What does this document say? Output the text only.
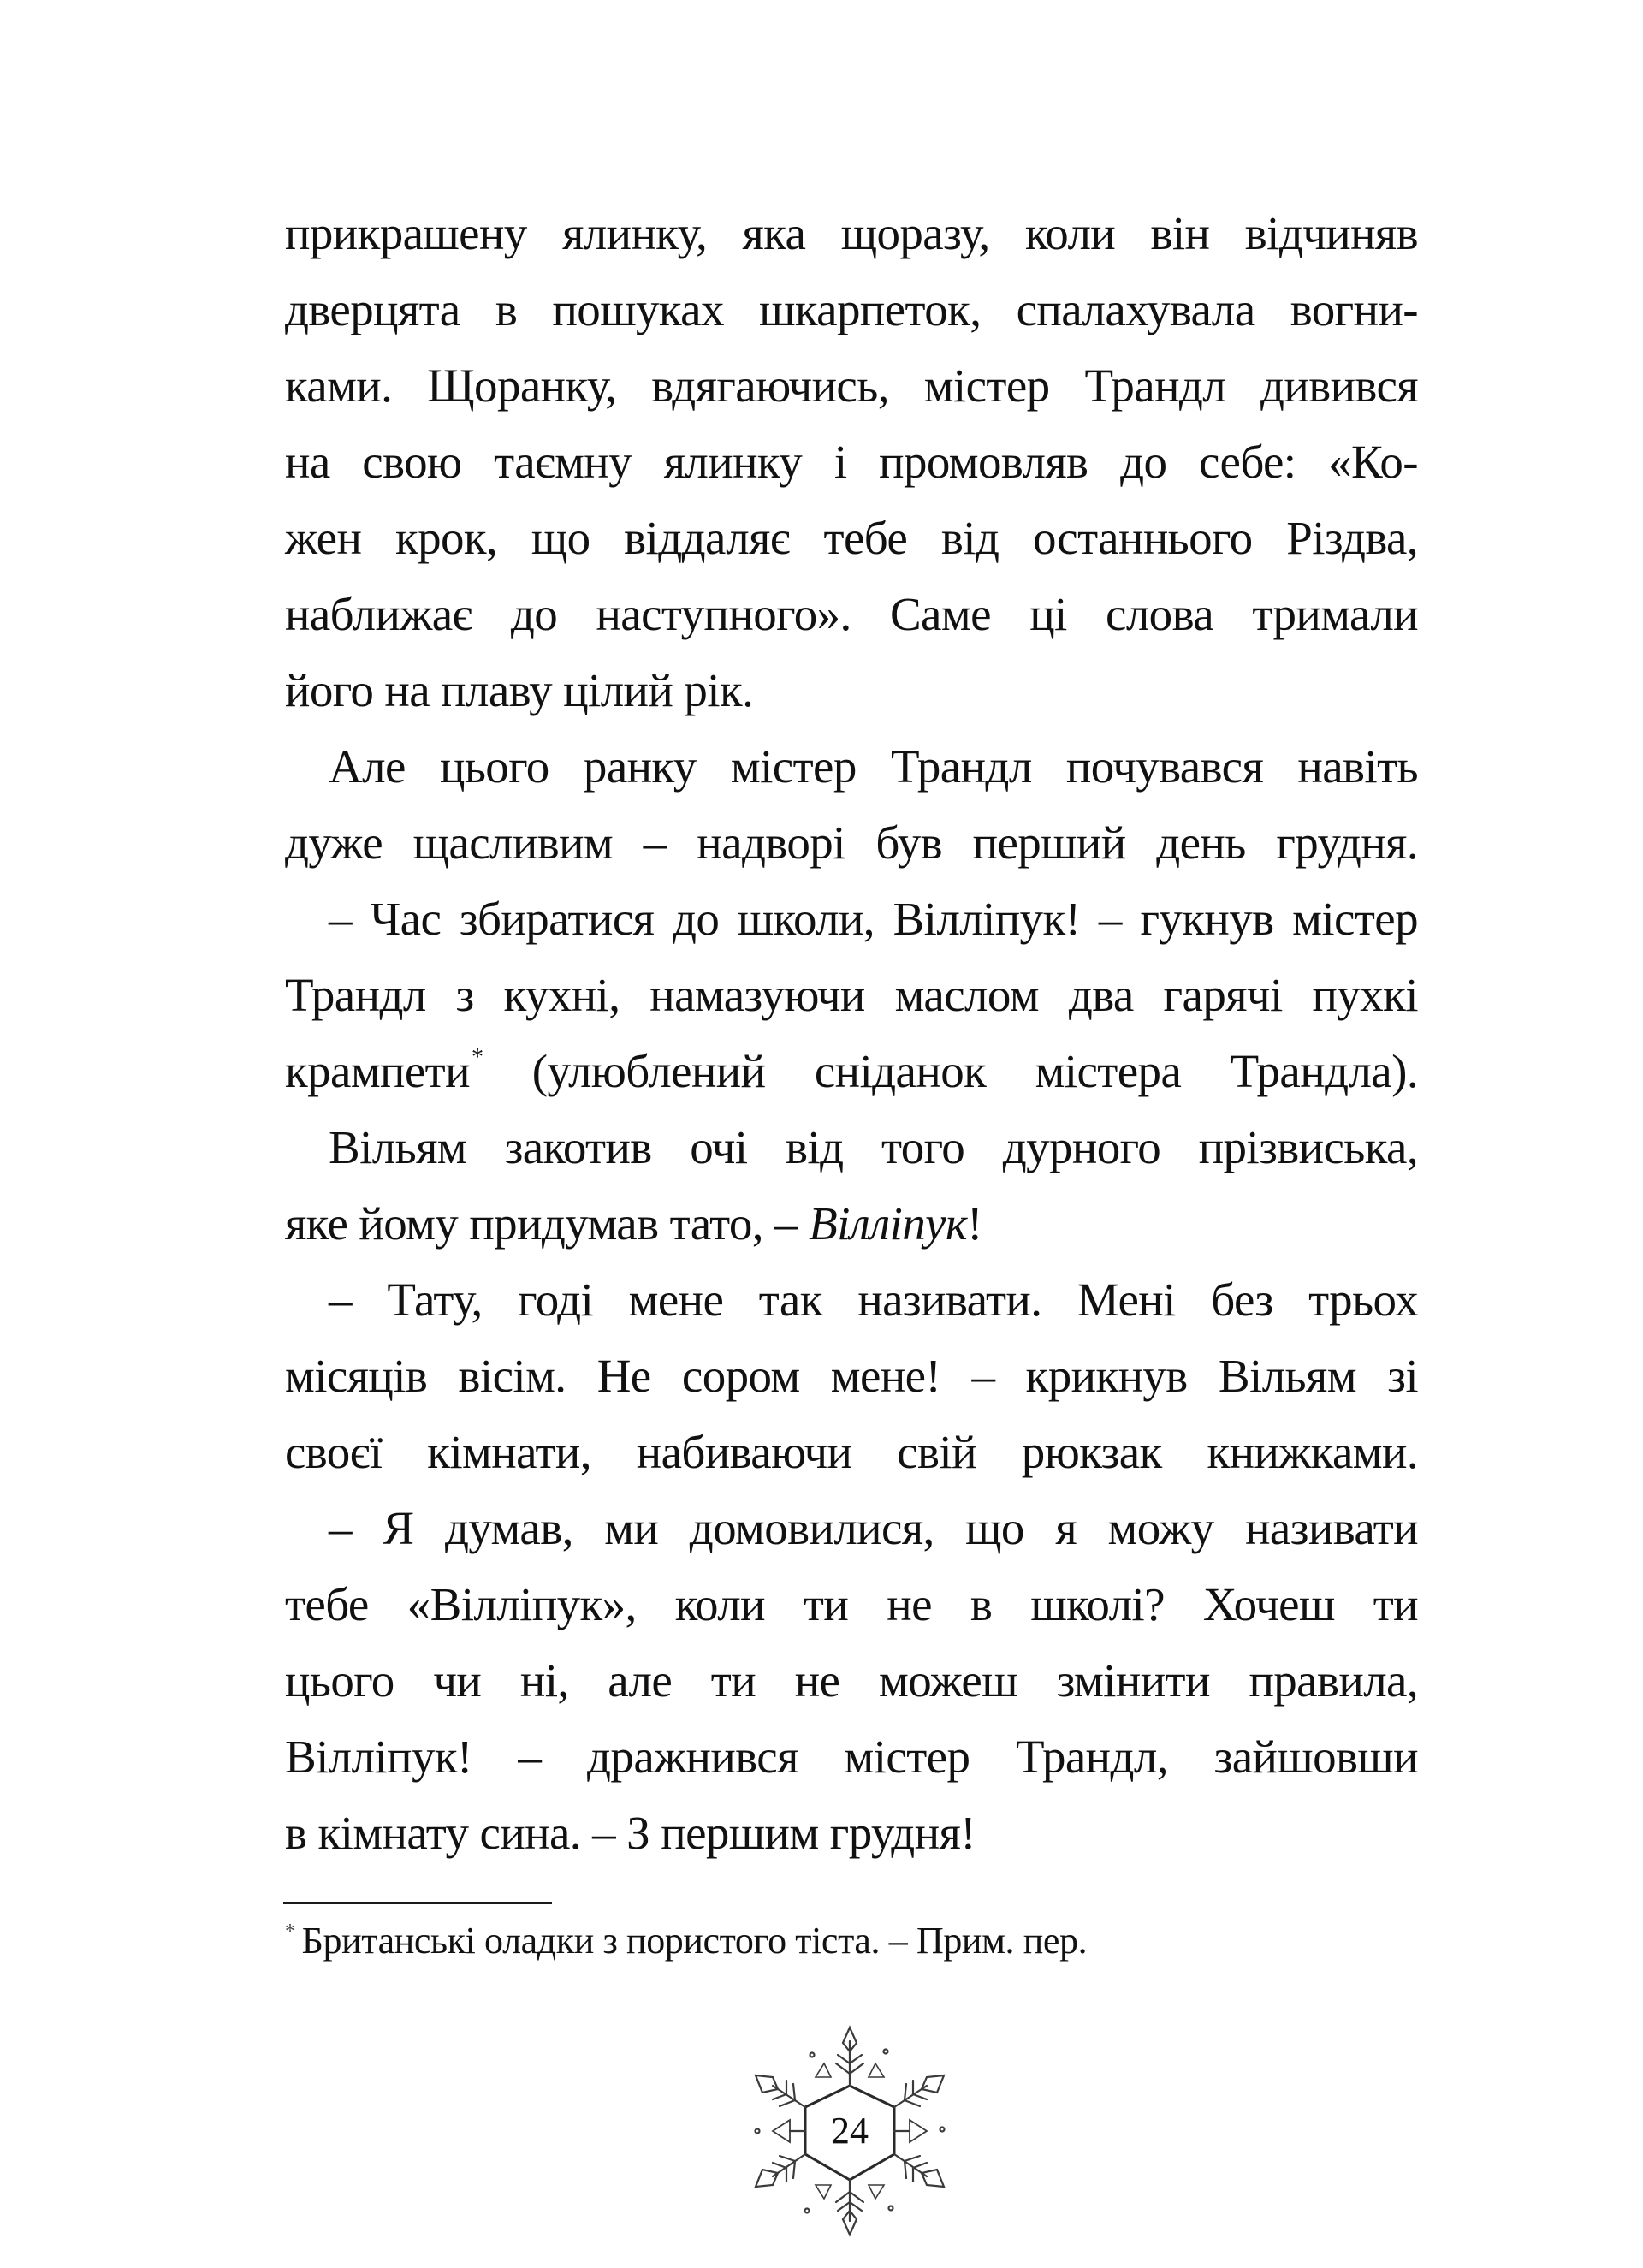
прикрашену ялинку, яка щоразу, коли він відчиняв
дверцята в пошуках шкарпеток, спалахувала вогни-
ками. Щоранку, вдягаючись, містер Трандл дивився
на свою таємну ялинку і промовляв до себе: «Ко-
жен крок, що віддаляє тебе від останнього Різдва,
наближає до наступного». Саме ці слова тримали
його на плаву цілий рік.
Але цього ранку містер Трандл почувався навіть
дуже щасливим – надворі був перший день грудня.
– Час збиратися до школи, Вілліпук! – гукнув містер
Трандл з кухні, намазуючи маслом два гарячі пухкі
крампети* (улюблений сніданок містера Трандла).
Вільям закотив очі від того дурного прізвиська,
яке йому придумав тато, – Вілліпук!
– Тату, годі мене так називати. Мені без трьох
місяців вісім. Не сором мене! – крикнув Вільям зі
своєї кімнати, набиваючи свій рюкзак книжками.
– Я думав, ми домовилися, що я можу називати
тебе «Вілліпук», коли ти не в школі? Хочеш ти
цього чи ні, але ти не можеш змінити правила,
Вілліпук! – дражнився містер Трандл, зайшовши
в кімнату сина. – З першим грудня!
* Британські оладки з пористого тіста. – Прим. пер.
24
